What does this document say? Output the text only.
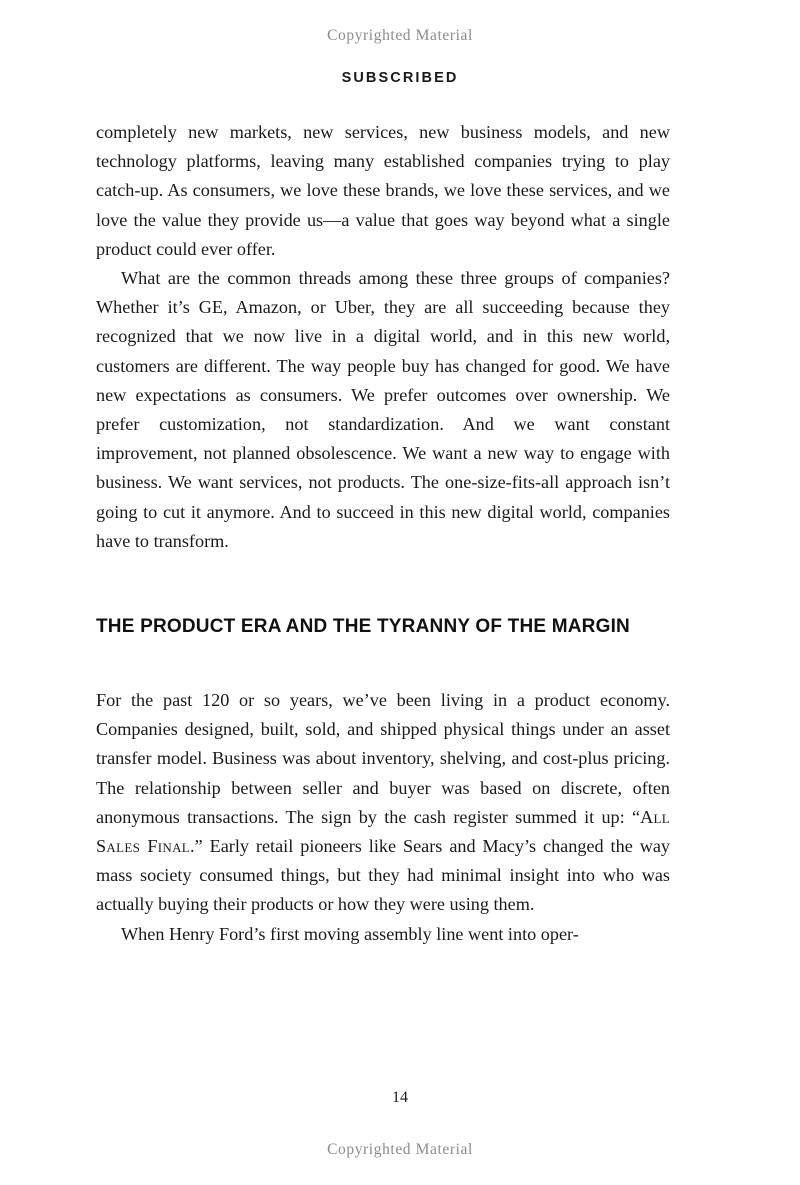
Copyrighted Material
SUBSCRIBED

completely new markets, new services, new business models, and new technology platforms, leaving many established companies trying to play catch-up. As consumers, we love these brands, we love these services, and we love the value they provide us—a value that goes way beyond what a single product could ever offer.

What are the common threads among these three groups of companies? Whether it’s GE, Amazon, or Uber, they are all succeeding because they recognized that we now live in a digital world, and in this new world, customers are different. The way people buy has changed for good. We have new expectations as consumers. We prefer outcomes over ownership. We prefer customization, not standardization. And we want constant improvement, not planned obsolescence. We want a new way to engage with business. We want services, not products. The one-size-fits-all approach isn’t going to cut it anymore. And to succeed in this new digital world, companies have to transform.

THE PRODUCT ERA AND THE TYRANNY OF THE MARGIN

For the past 120 or so years, we’ve been living in a product economy. Companies designed, built, sold, and shipped physical things under an asset transfer model. Business was about inventory, shelving, and cost-plus pricing. The relationship between seller and buyer was based on discrete, often anonymous transactions. The sign by the cash register summed it up: “All Sales Final.” Early retail pioneers like Sears and Macy’s changed the way mass society consumed things, but they had minimal insight into who was actually buying their products or how they were using them.

When Henry Ford’s first moving assembly line went into oper-

14
Copyrighted Material
